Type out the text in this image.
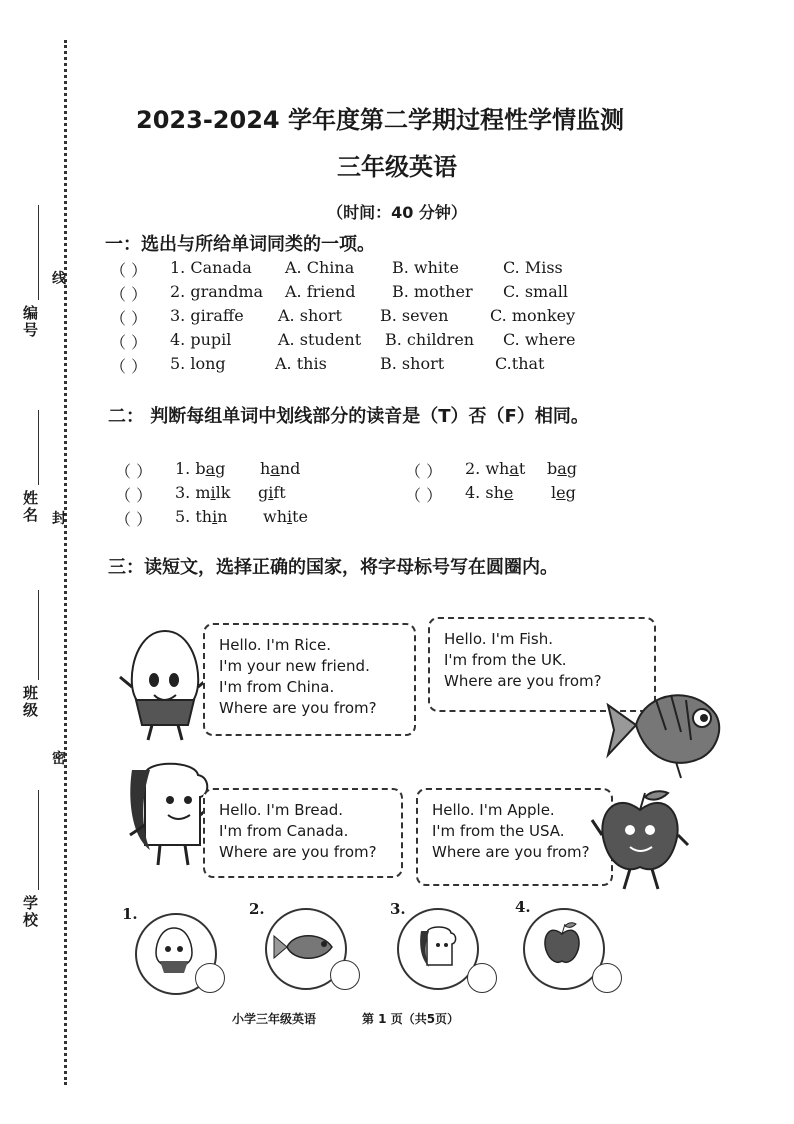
编号
姓名
班级
学校
线
封
密
2023-2024 学年度第二学期过程性学情监测
三年级英语
（时间：40 分钟）
一：选出与所给单词同类的一项。
（ ） 1. Canada A. China B. white	C. Miss
（ ） 2. grandma A. friend B. mother C. small
（ ） 3. giraffe A. short B. seven	C. monkey
（ ） 4. pupil	A. student B. children C. where
（ ） 5. long	A. this	B. short	C.that
二： 判断每组单词中划线部分的读音是（T）否（F）相同。
（ ） 1. bag hand	（ ） 2. what bag
（ ） 3. milk gift	（ ） 4. she leg
（ ） 5. thin white
三：读短文，选择正确的国家，将字母标号写在圆圈内。
Hello. I'm Rice.
I'm your new friend.
I'm from China.
Where are you from?
Hello. I'm Fish.
I'm from the UK.
Where are you from?
Hello. I'm Bread.
I'm from Canada.
Where are you from?
Hello. I'm Apple.
I'm from the USA.
Where are you from?
1.	2.	3.	4.
小学三年级英语	第 1 页（共5页）
